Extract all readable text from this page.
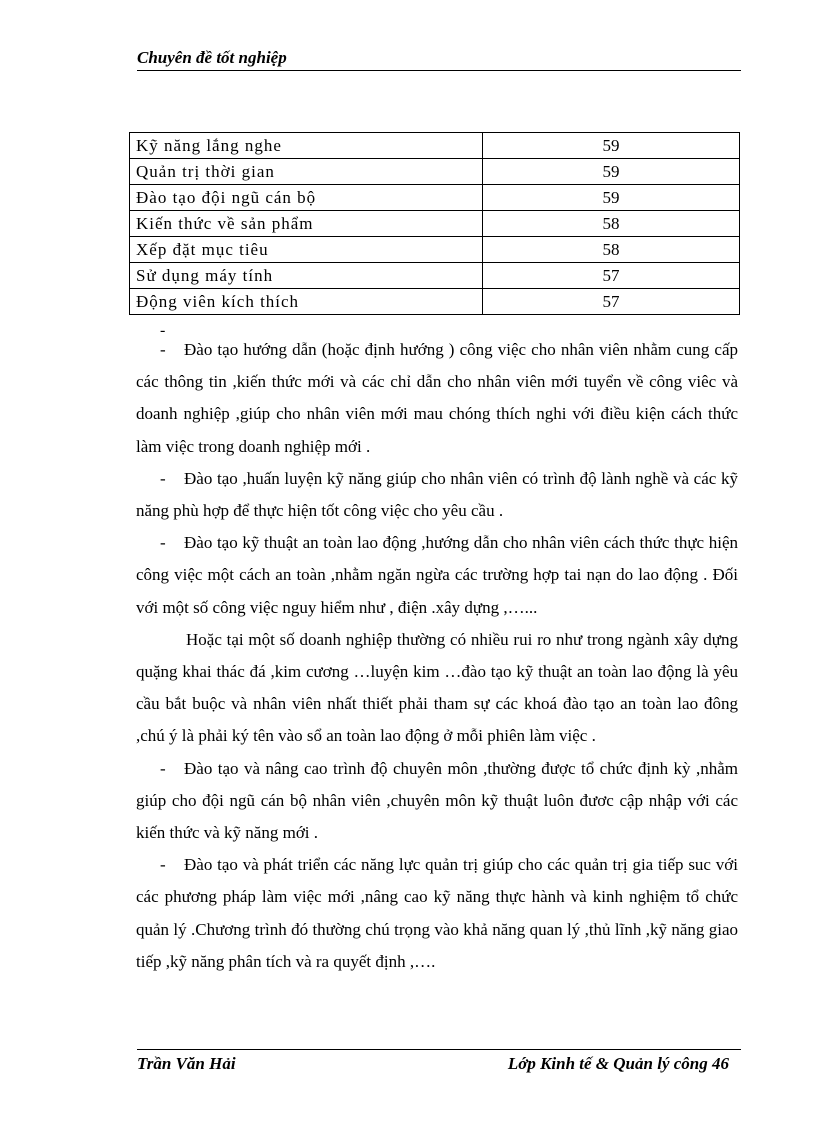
Chuyên đề tốt nghiệp
Kỹ năng lắng nghe	59
Quản trị thời gian	59
Đào tạo đội ngũ cán bộ	59
Kiến thức về sản phẩm	58
Xếp đặt mục tiêu	58
Sử dụng máy tính	57
Động viên kích thích	57
-

- Đào tạo hướng dẫn (hoặc định hướng ) công việc cho nhân viên nhằm cung cấp các thông tin ,kiến thức mới và các chỉ dẫn cho nhân viên mới tuyển về công viêc và doanh nghiệp ,giúp cho nhân viên mới mau chóng thích nghi với điều kiện cách thức làm việc trong doanh nghiệp mới .

- Đào tạo ,huấn luyện kỹ năng giúp cho nhân viên có trình độ lành nghề và các kỹ năng phù hợp để thực hiện tốt công việc cho yêu cầu .

- Đào tạo kỹ thuật an toàn lao động ,hướng dẫn cho nhân viên cách thức thực hiện công việc một cách an toàn ,nhằm ngăn ngừa các trường hợp tai nạn do lao động . Đối với một số công việc nguy hiểm như , điện .xây dựng ,…...

Hoặc tại một số doanh nghiệp thường có nhiều rui ro như trong ngành xây dựng quặng khai thác đá ,kim cương …luyện kim …đào tạo kỹ thuật an toàn lao động là yêu cầu bắt buộc và nhân viên nhất thiết phải tham sự các khoá đào tạo an toàn lao đông ,chú ý là phải ký tên vào sổ an toàn lao động ở mỗi phiên làm việc .

- Đào tạo và nâng cao trình độ chuyên môn ,thường được tổ chức định kỳ ,nhằm giúp cho đội ngũ cán bộ nhân viên ,chuyên môn kỹ thuật luôn đươc cập nhập với các kiến thức và kỹ năng mới .

- Đào tạo và phát triển các năng lực quản trị giúp cho các quản trị gia tiếp suc với các phương pháp làm việc mới ,nâng cao kỹ năng thực hành và kinh nghiệm tổ chức quản lý .Chương trình đó thường chú trọng vào khả năng quan lý ,thủ lĩnh ,kỹ năng giao tiếp ,kỹ năng phân tích và ra quyết định ,….

Trần Văn Hải	Lớp Kinh tế & Quản lý công 46
